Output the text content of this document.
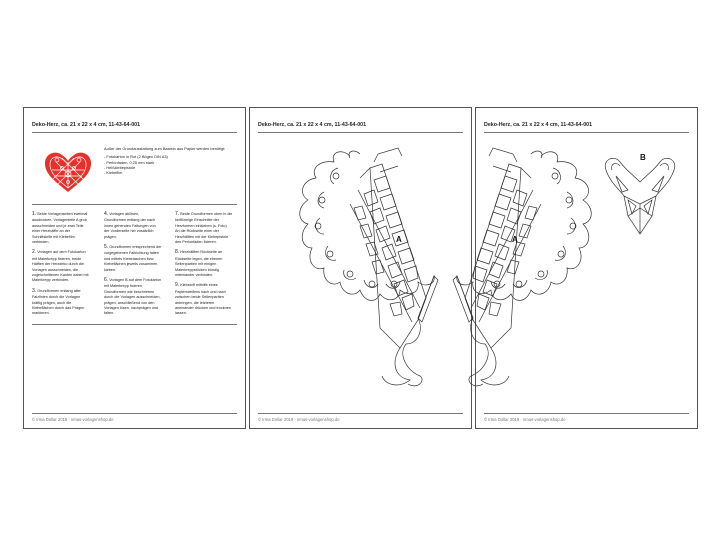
Deko-Herz, ca. 21 x 22 x 4 cm, 11-43-64-001
Außer der Grundausstattung zum Basteln aus Papier werden benötigt:
- Fotokarton in Rot (2 Bögen DIN A3)
- Perlonfaden, 0,25 mm stark
- Heißklebepistole
- Klebefilm

1. Beide Vorlagenseiten zweimal ausdrucken. Vorlagenteile A grob ausschneiden und je zwei Teile einer Herzhälfte an der Schnittstelle mit Klebefilm verbinden.

2. Vorlagen auf dem Fotokarton mit Malerkrepp fixieren, beide Hälften der Herzdeko durch die Vorlagen ausschneiden, die zugeschnittenen Kanten dabei mit Malerkrepp verbinden.

3. Grundformen entlang aller Falzlinien durch die Vorlagen kräftig prägen, auch die Klebeflächen durch das Prägen markieren.

4. Vorlagen ablösen, Grundformen entlang der nach innen gehenden Faltungen von der Vorderseite her zusätzlich prägen.

5. Grundformen entsprechend der vorgegebenen Faltrichtung falten und mittels Klebelaschen bzw. Klebeflächen jeweils zusammen kleben.

6. Vorlagen B auf dem Fotokarton mit Malerkrepp fixieren, Grundformen wie beschrieben durch die Vorlagen ausschneiden, prägen, anschließend von den Vorlagen lösen, nachprägen und falten.

7. Beide Grundformen oben in die keilförmige Einschnitte der Herzformen einkleben (s. Foto). An die Rückseite einer der Herzhälften mit der Klebepistole den Perlonfaden fixieren.

8. Herzhälften Rückseite an Rückseite legen, die ebenen Seitenpartien mit einigen Malerkreppstücken bündig miteinander verbinden.

9. Klebstoff mithilfe eines Papierstreifens nach und nach zwischen beide Seitenpartien anbringen, die letzteren aneinander drücken und trocknen lassen.

© Irma Dollar 2019 · nmas-vorlagenshop.de
Deko-Herz, ca. 21 x 22 x 4 cm, 11-43-64-001
A
© Irma Dollar 2019 · nmas-vorlagenshop.de
Deko-Herz, ca. 21 x 22 x 4 cm, 11-43-64-001
A
B
© Irma Dollar 2019 · nmas-vorlagenshop.de
